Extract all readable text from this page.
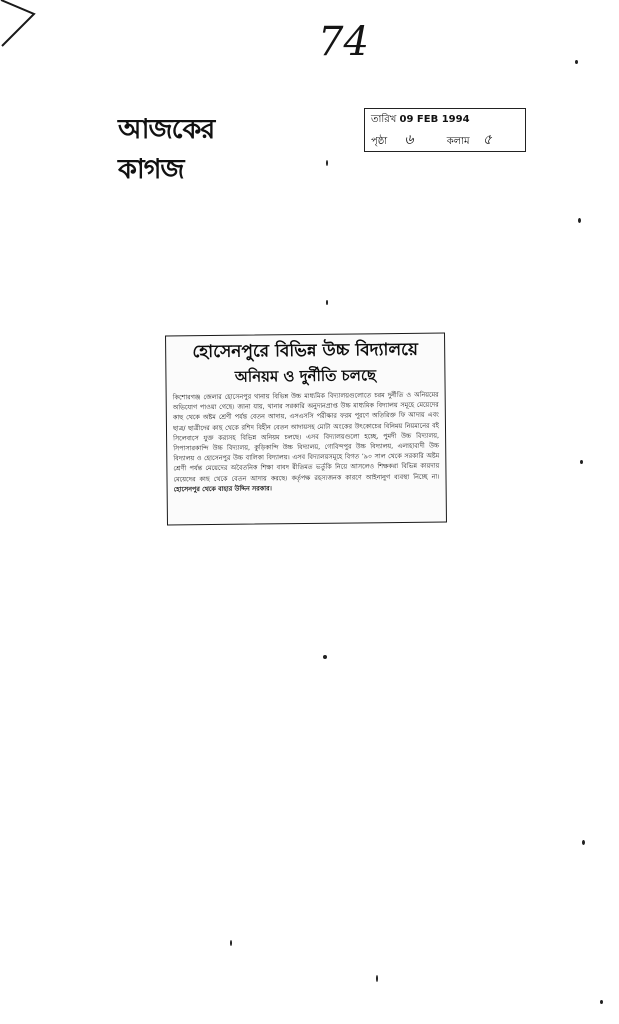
74
আজকের কাগজ
তারিখ 09 FEB 1994
পৃষ্ঠা ৬	কলাম ৫
হোসেনপুরে বিভিন্ন উচ্চ বিদ্যালয়ে
অনিয়ম ও দুর্নীতি চলছে
কিশোরগঞ্জ জেলার হোসেনপুর থানায় বিভিন্ন উচ্চ মাধ্যমিক বিদ্যালয়গুলোতে চরম দুর্নীতি ও অনিয়মের অভিযোগ পাওয়া গেছে। জানা যায়, থানার সরকারি অনুদানপ্রাপ্ত উচ্চ মাধ্যমিক বিদ্যালয় সমূহে মেয়েদের কাছ থেকে অষ্টম শ্রেণী পর্যন্ত বেতন আদায়, এসএসসি পরীক্ষার ফরম পূরণে অতিরিক্ত ফি আদায় এবং ছাত্র/ ছাত্রীদের কাছ থেকে রশিদ বিহীন বেতন আদায়সহ মোটা অংকের উৎকোচের বিনিময় নিয়মানের বই সিলেবাসে যুক্ত করাসহ বিভিন্ন অনিয়ম চলছে। এসব বিদ্যালয়গুলো হচ্ছে, পুমদী উচ্চ বিদ্যালয়, সিপাসারকান্দি উচ্চ বিদ্যালয়, কুড়িকান্দি উচ্চ বিদ্যালয়, গোবিন্দপুর উচ্চ বিদ্যালয়, এলাহাবাদী উচ্চ বিদ্যালয় ও হোসেনপুর উচ্চ বালিকা বিদ্যালয়। এসব বিদ্যালয়সমূহে বিগত ’৯০ সাল থেকে সরকারি অষ্টম শ্রেণী পর্যন্ত মেয়েদের অবৈতনিক শিক্ষা বাবদ রীতিমত ভর্তুকি নিয়ে আসলেও শিক্ষকরা বিভিন্ন কায়দায় মেয়েদের কাছ থেকে বেতন আদায় করছে। কর্তৃপক্ষ রহস্যজনক কারণে আইনানুগ ব্যবস্থা নিচ্ছে না। হোসেনপুর থেকে বাহার উদ্দিন সরকার।
